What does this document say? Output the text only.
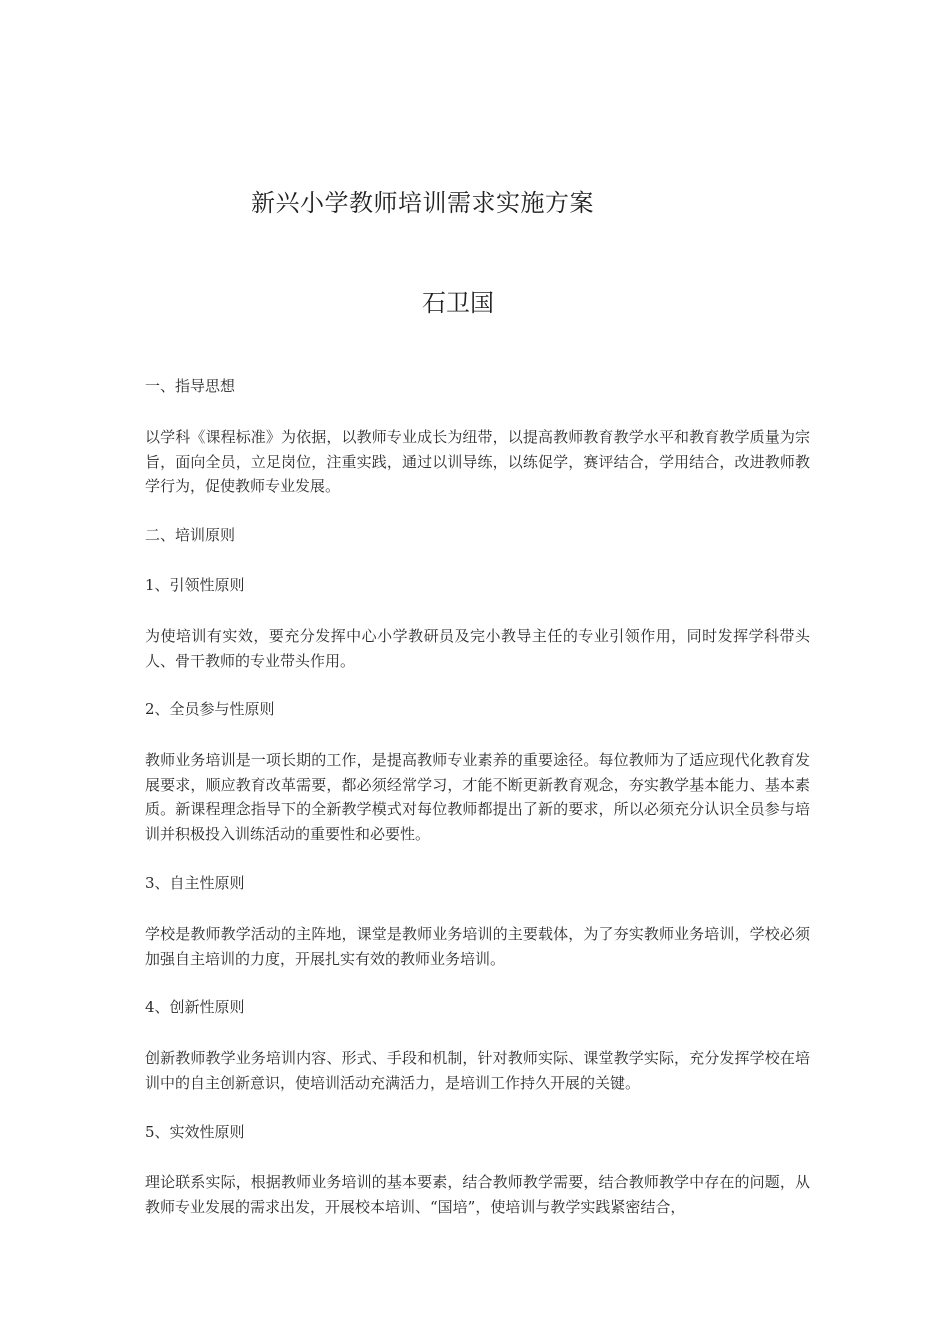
新兴小学教师培训需求实施方案
石卫国
一、指导思想
以学科《课程标准》为依据，以教师专业成长为纽带，以提高教师教育教学水平和教育教学质量为宗旨，面向全员，立足岗位，注重实践，通过以训导练，以练促学，赛评结合，学用结合，改进教师教学行为，促使教师专业发展。
二、培训原则
1、引领性原则
为使培训有实效，要充分发挥中心小学教研员及完小教导主任的专业引领作用，同时发挥学科带头人、骨干教师的专业带头作用。
2、全员参与性原则
教师业务培训是一项长期的工作，是提高教师专业素养的重要途径。每位教师为了适应现代化教育发展要求，顺应教育改革需要，都必须经常学习，才能不断更新教育观念，夯实教学基本能力、基本素质。新课程理念指导下的全新教学模式对每位教师都提出了新的要求，所以必须充分认识全员参与培训并积极投入训练活动的重要性和必要性。
3、自主性原则
学校是教师教学活动的主阵地，课堂是教师业务培训的主要载体，为了夯实教师业务培训，学校必须加强自主培训的力度，开展扎实有效的教师业务培训。
4、创新性原则
创新教师教学业务培训内容、形式、手段和机制，针对教师实际、课堂教学实际，充分发挥学校在培训中的自主创新意识，使培训活动充满活力，是培训工作持久开展的关键。
5、实效性原则
理论联系实际，根据教师业务培训的基本要素，结合教师教学需要，结合教师教学中存在的问题，从教师专业发展的需求出发，开展校本培训、“国培”，使培训与教学实践紧密结合，
